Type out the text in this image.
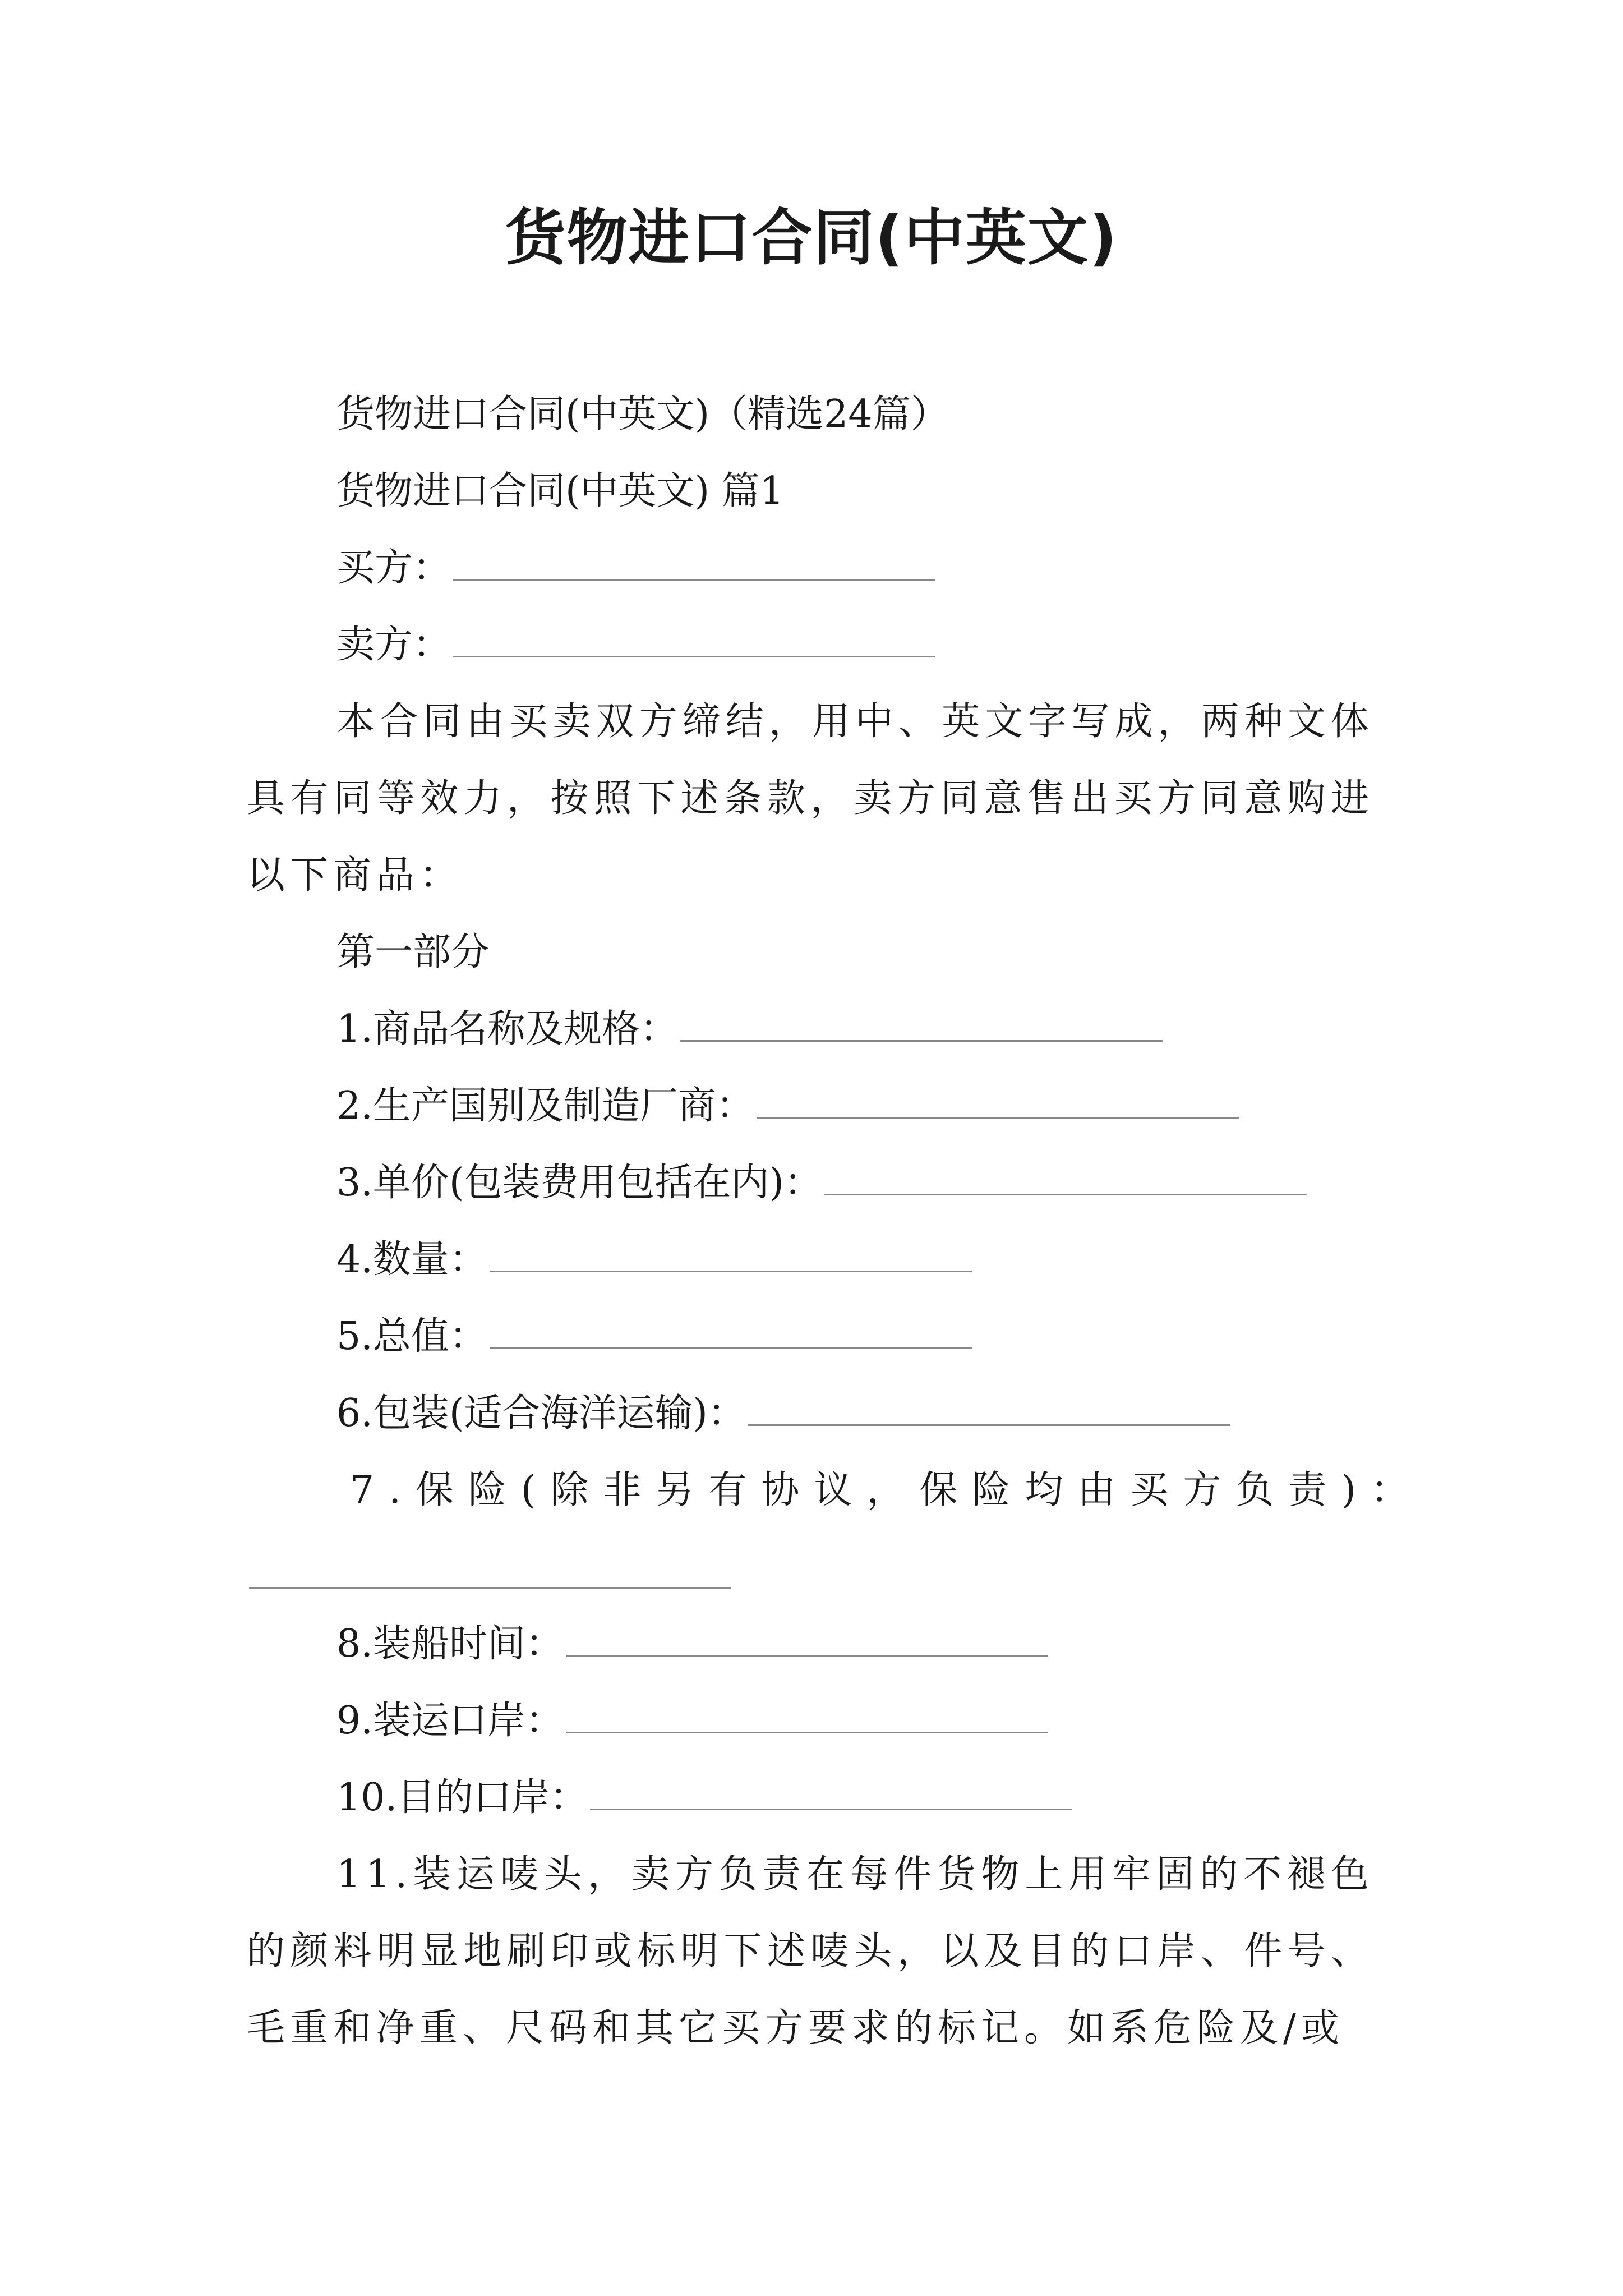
货物进口合同(中英文)
货物进口合同(中英文)（精选24篇）
货物进口合同(中英文) 篇1
买方：
卖方：
本合同由买卖双方缔结，用中、英文字写成，两种文体具有同等效力，按照下述条款，卖方同意售出买方同意购进以下商品：
第一部分
1.商品名称及规格：
2.生产国别及制造厂商：
3.单价(包装费用包括在内)：
4.数量：
5.总值：
6.包装(适合海洋运输)：
7.保险(除非另有协议，保险均由买方负责)：
8.装船时间：
9.装运口岸：
10.目的口岸：
11.装运唛头，卖方负责在每件货物上用牢固的不褪色的颜料明显地刷印或标明下述唛头，以及目的口岸、件号、毛重和净重、尺码和其它买方要求的标记。如系危险及/或
